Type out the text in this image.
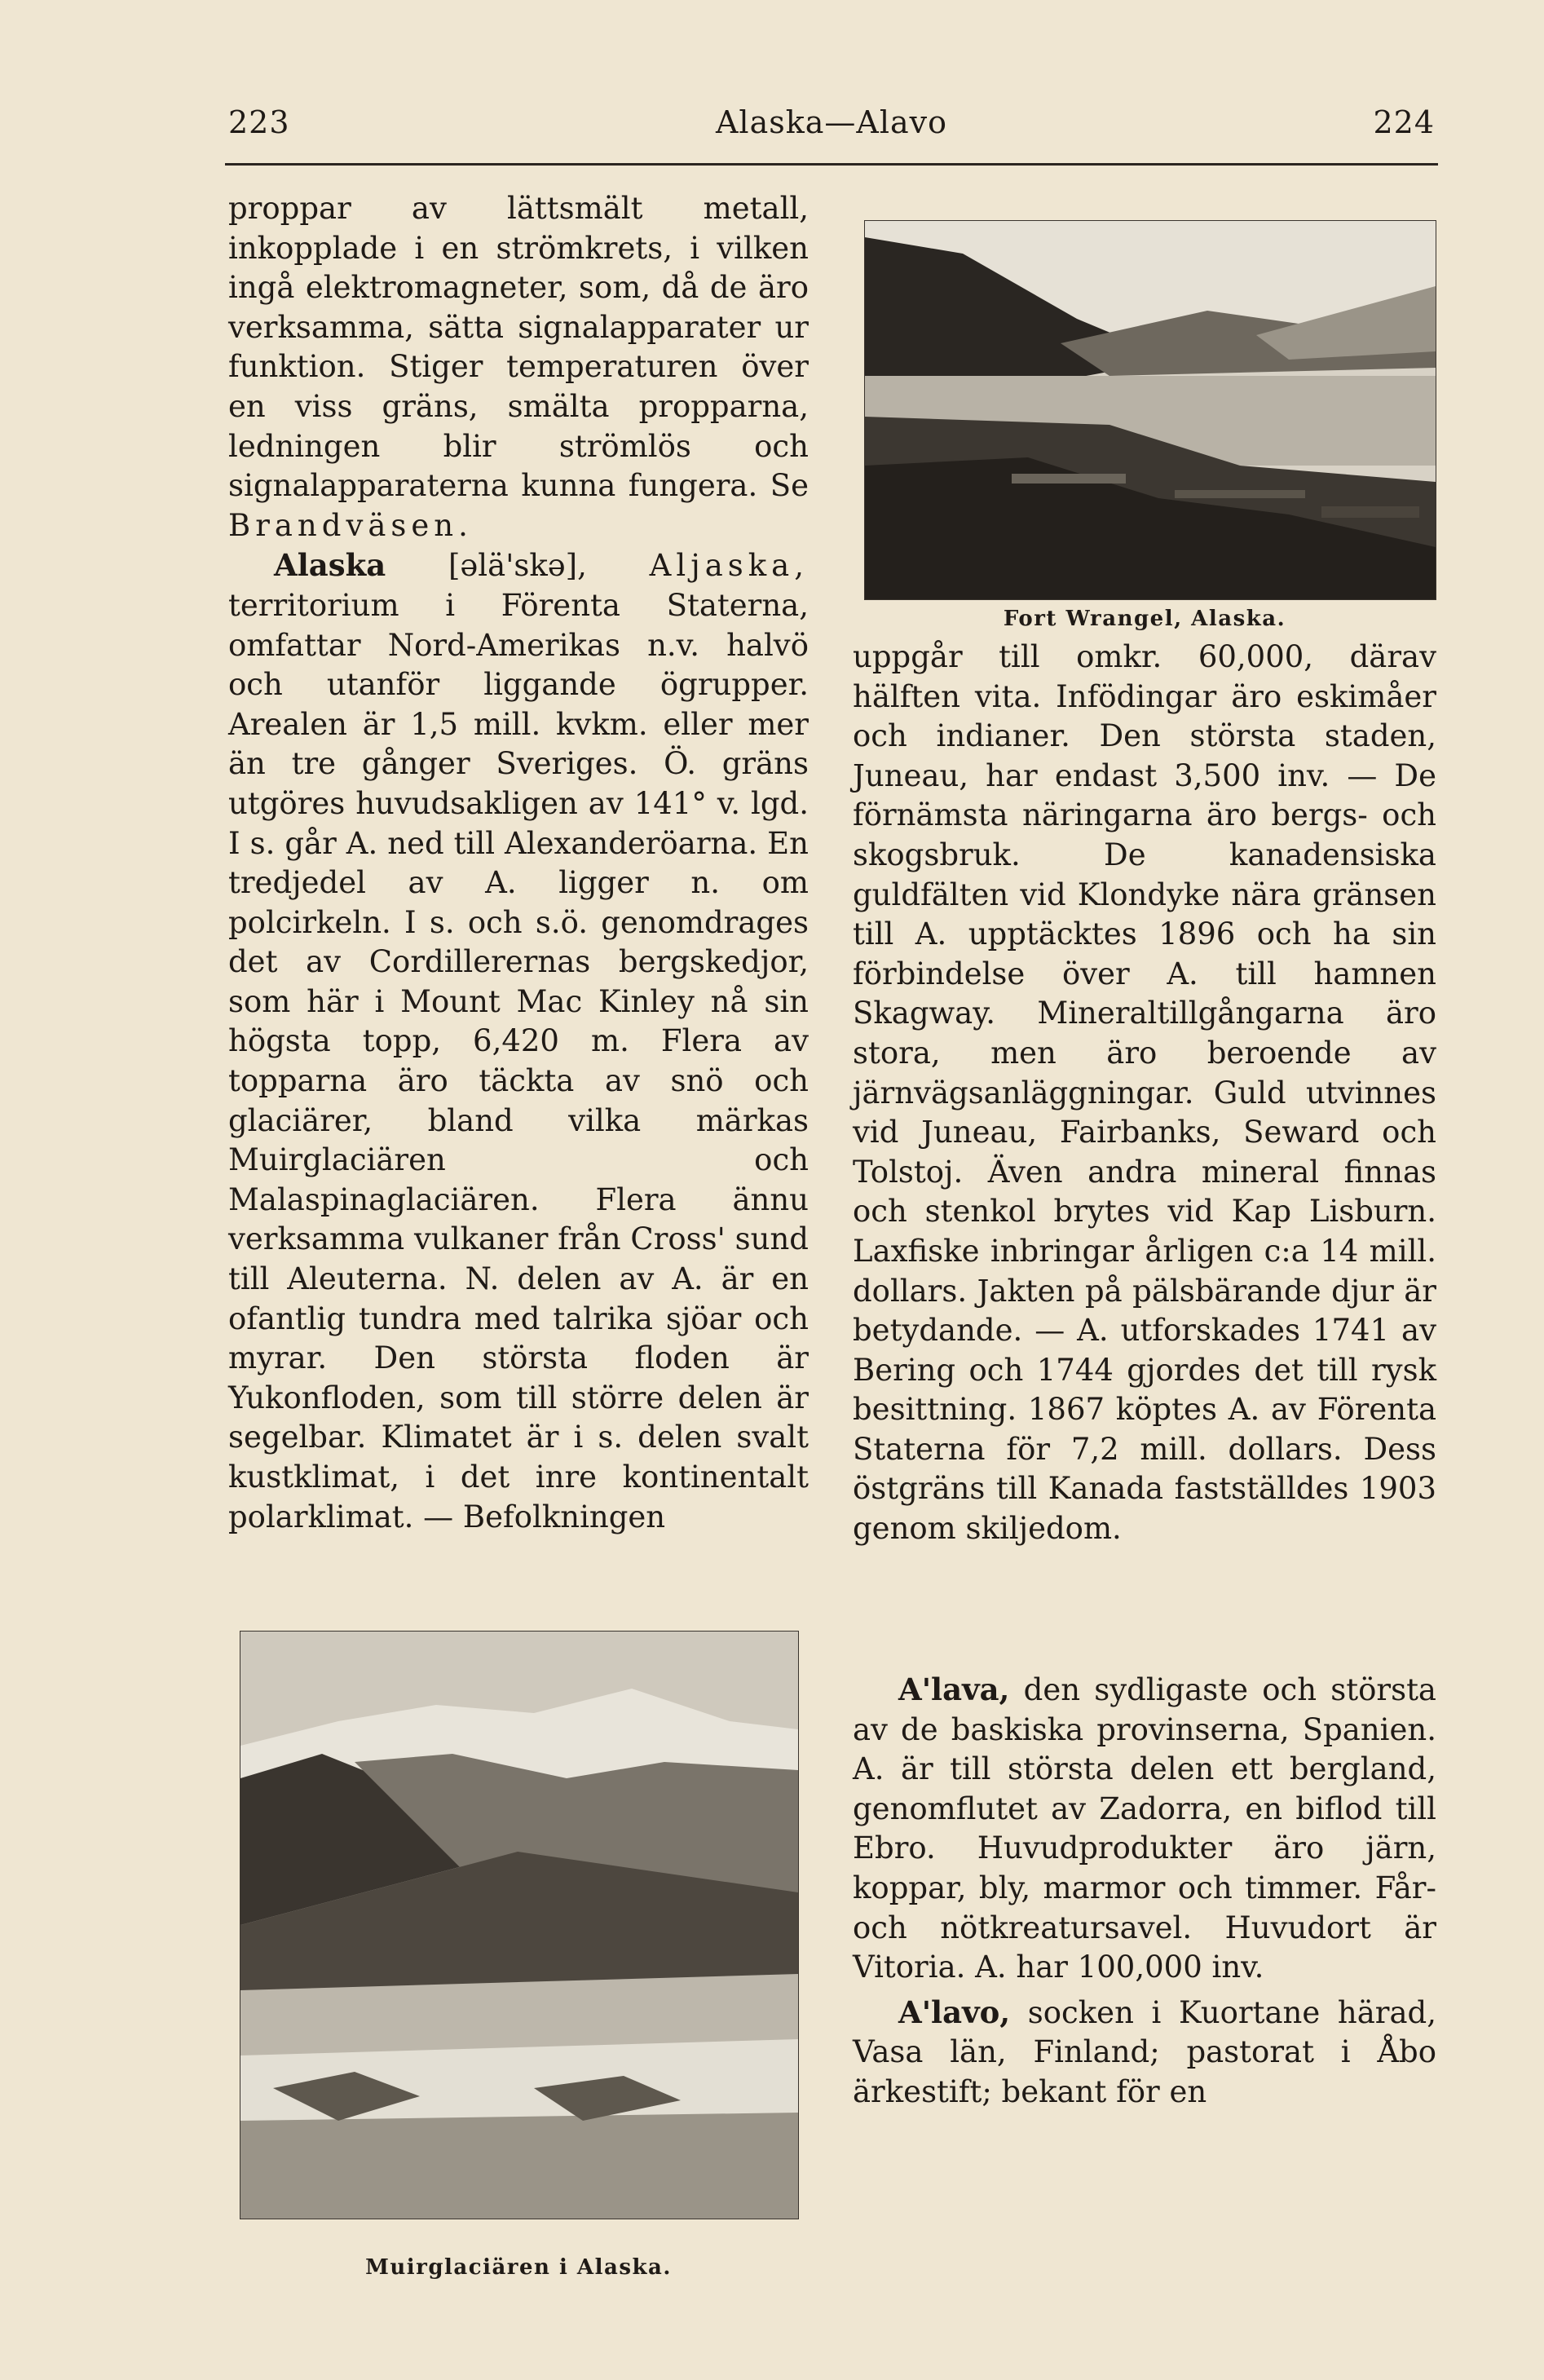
223	Alaska—Alavo	224

proppar av lättsmält metall, inkopplade i en strömkrets, i vilken ingå elektromagneter, som, då de äro verksamma, sätta signalapparater ur funktion. Stiger temperaturen över en viss gräns, smälta propparna, ledningen blir strömlös och signalapparaterna kunna fungera. Se Brandväsen.

Alaska [əlä'skə], Aljaska, territorium i Förenta Staterna, omfattar Nord-Amerikas n.v. halvö och utanför liggande ögrupper. Arealen är 1,5 mill. kvkm. eller mer än tre gånger Sveriges. Ö. gräns utgöres huvudsakligen av 141° v. lgd. I s. går A. ned till Alexanderöarna. En tredjedel av A. ligger n. om polcirkeln. I s. och s.ö. genomdrages det av Cordillerernas bergskedjor, som här i Mount Mac Kinley nå sin högsta topp, 6,420 m. Flera av topparna äro täckta av snö och glaciärer, bland vilka märkas Muirglaciären och Malaspinaglaciären. Flera ännu verksamma vulkaner från Cross' sund till Aleuterna. N. delen av A. är en ofantlig tundra med talrika sjöar och myrar. Den största floden är Yukonfloden, som till större delen är segelbar. Klimatet är i s. delen svalt kustklimat, i det inre kontinentalt polarklimat. — Befolkningen

Fort Wrangel, Alaska.

uppgår till omkr. 60,000, därav hälften vita. Infödingar äro eskimåer och indianer. Den största staden, Juneau, har endast 3,500 inv. — De förnämsta näringarna äro bergs- och skogsbruk. De kanadensiska guldfälten vid Klondyke nära gränsen till A. upptäcktes 1896 och ha sin förbindelse över A. till hamnen Skagway. Mineraltillgångarna äro stora, men äro beroende av järnvägsanläggningar. Guld utvinnes vid Juneau, Fairbanks, Seward och Tolstoj. Även andra mineral finnas och stenkol brytes vid Kap Lisburn. Laxfiske inbringar årligen c:a 14 mill. dollars. Jakten på pälsbärande djur är betydande. — A. utforskades 1741 av Bering och 1744 gjordes det till rysk besittning. 1867 köptes A. av Förenta Staterna för 7,2 mill. dollars. Dess östgräns till Kanada fastställdes 1903 genom skiljedom.

A'lava, den sydligaste och största av de baskiska provinserna, Spanien. A. är till största delen ett bergland, genomflutet av Zadorra, en biflod till Ebro. Huvudprodukter äro järn, koppar, bly, marmor och timmer. Får- och nötkreatursavel. Huvudort är Vitoria. A. har 100,000 inv.

A'lavo, socken i Kuortane härad, Vasa län, Finland; pastorat i Åbo ärkestift; bekant för en

Muirglaciären i Alaska.
